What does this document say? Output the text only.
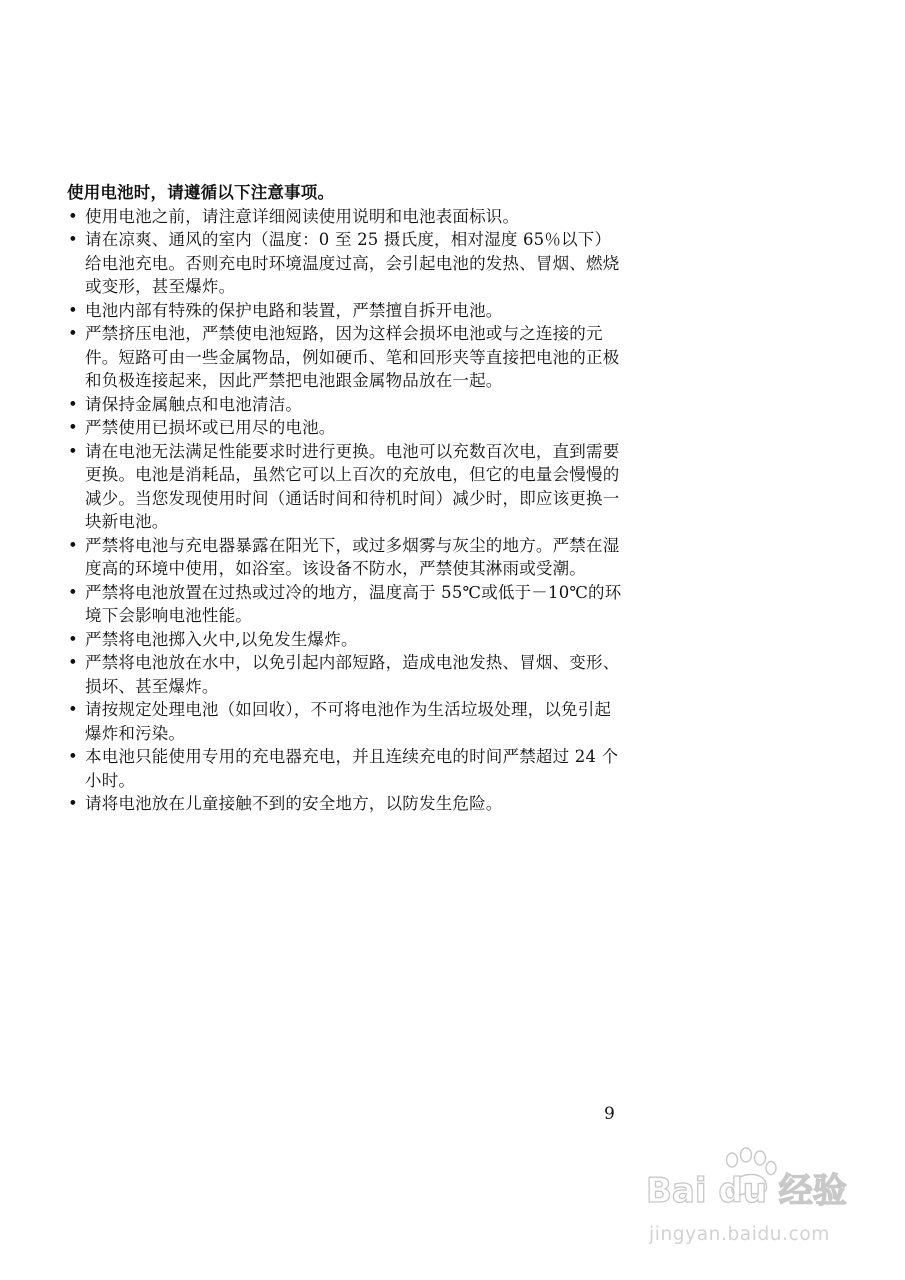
使用电池时，请遵循以下注意事项。
• 使用电池之前，请注意详细阅读使用说明和电池表面标识。
• 请在凉爽、通风的室内（温度：0 至 25 摄氏度，相对湿度 65％以下）给电池充电。否则充电时环境温度过高，会引起电池的发热、冒烟、燃烧或变形，甚至爆炸。
• 电池内部有特殊的保护电路和装置，严禁擅自拆开电池。
• 严禁挤压电池，严禁使电池短路，因为这样会损坏电池或与之连接的元件。短路可由一些金属物品，例如硬币、笔和回形夹等直接把电池的正极和负极连接起来，因此严禁把电池跟金属物品放在一起。
• 请保持金属触点和电池清洁。
• 严禁使用已损坏或已用尽的电池。
• 请在电池无法满足性能要求时进行更换。电池可以充数百次电，直到需要更换。电池是消耗品，虽然它可以上百次的充放电，但它的电量会慢慢的减少。当您发现使用时间（通话时间和待机时间）减少时，即应该更换一块新电池。
• 严禁将电池与充电器暴露在阳光下，或过多烟雾与灰尘的地方。严禁在湿度高的环境中使用，如浴室。该设备不防水，严禁使其淋雨或受潮。
• 严禁将电池放置在过热或过冷的地方，温度高于 55℃或低于－10℃的环境下会影响电池性能。
• 严禁将电池掷入火中,以免发生爆炸。
• 严禁将电池放在水中，以免引起内部短路，造成电池发热、冒烟、变形、损坏、甚至爆炸。
• 请按规定处理电池（如回收），不可将电池作为生活垃圾处理，以免引起爆炸和污染。
• 本电池只能使用专用的充电器充电，并且连续充电的时间严禁超过 24 个小时。
• 请将电池放在儿童接触不到的安全地方，以防发生危险。
9
Bai du 经验
jingyan.baidu.com
